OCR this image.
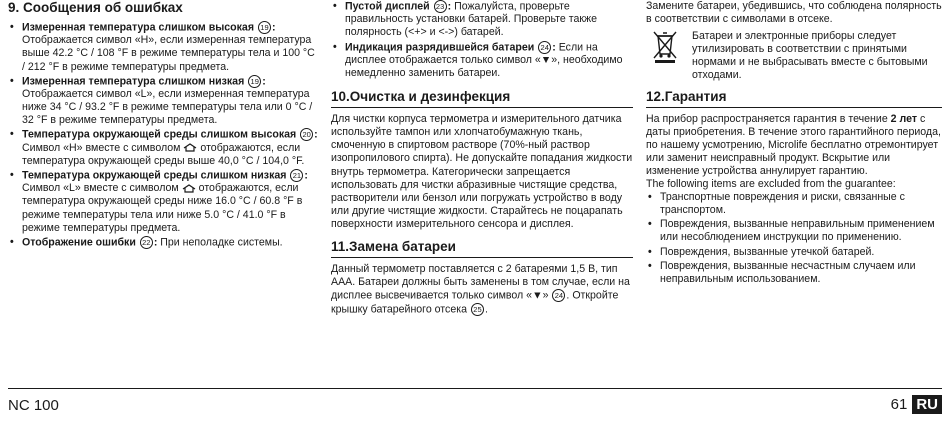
9. Сообщения об ошибках
• Измеренная температура слишком высокая 19 : Отображается символ «H», если измеренная температура выше 42.2 °C / 108 °F в режиме температуры тела и 100 °C / 212 °F в режиме температуры предмета.
• Измеренная температура слишком низкая 19 : Отображается символ «L», если измеренная температура ниже 34 °C / 93.2 °F в режиме температуры тела или 0 °C / 32 °F в режиме температуры предмета.
• Температура окружающей среды слишком высокая 20 : Символ «H» вместе с символом отображаются, если температура окружающей среды выше 40,0 °C / 104,0 °F.
• Температура окружающей среды слишком низкая 21 : Символ «L» вместе с символом отображаются, если температура окружающей среды ниже 16.0 °C / 60.8 °F в режиме температуры тела или ниже 5.0 °C / 41.0 °F в режиме температуры предмета.
• Отображение ошибки 22 : При неполадке системы.
• Пустой дисплей 23 : Пожалуйста, проверьте правильность установки батарей. Проверьте также полярность (<+> и <->) батарей.
• Индикация разрядившейся батареи 24 : Если на дисплее отображается только символ «▼», необходимо немедленно заменить батареи.
10.Очистка и дезинфекция

Для чистки корпуса термометра и измерительного датчика используйте тампон или хлопчатобумажную ткань, смоченную в спиртовом растворе (70%-ный раствор изопропилового спирта). Не допускайте попадания жидкости внутрь термометра. Категорически запрещается использовать для чистки абразивные чистящие средства, растворители или бензол или погружать устройство в воду или другие чистящие жидкости. Старайтесь не поцарапать поверхности измерительного сенсора и дисплея.

11.Замена батареи

Данный термометр поставляется с 2 батареями 1,5 В, тип AAA. Батареи должны быть заменены в том случае, если на дисплее высвечивается только символ «▼» 24 . Откройте крышку батарейного отсека 25 .

Замените батареи, убедившись, что соблюдена полярность в соответствии с символами в отсеке.

Батареи и электронные приборы следует утилизировать в соответствии с принятыми нормами и не выбрасывать вместе с бытовыми отходами.

12.Гарантия

На прибор распространяется гарантия в течение 2 лет с даты приобретения. В течение этого гарантийного периода, по нашему усмотрению, Microlife бесплатно отремонтирует или заменит неисправный продукт. Вскрытие или изменение устройства аннулирует гарантию.

The following items are excluded from the guarantee:

• Транспортные повреждения и риски, связанные с транспортом.
• Повреждения, вызванные неправильным применением или несоблюдением инструкции по применению.
• Повреждения, вызванные утечкой батарей.
• Повреждения, вызванные несчастным случаем или неправильным использованием.
NC 100	61 RU
